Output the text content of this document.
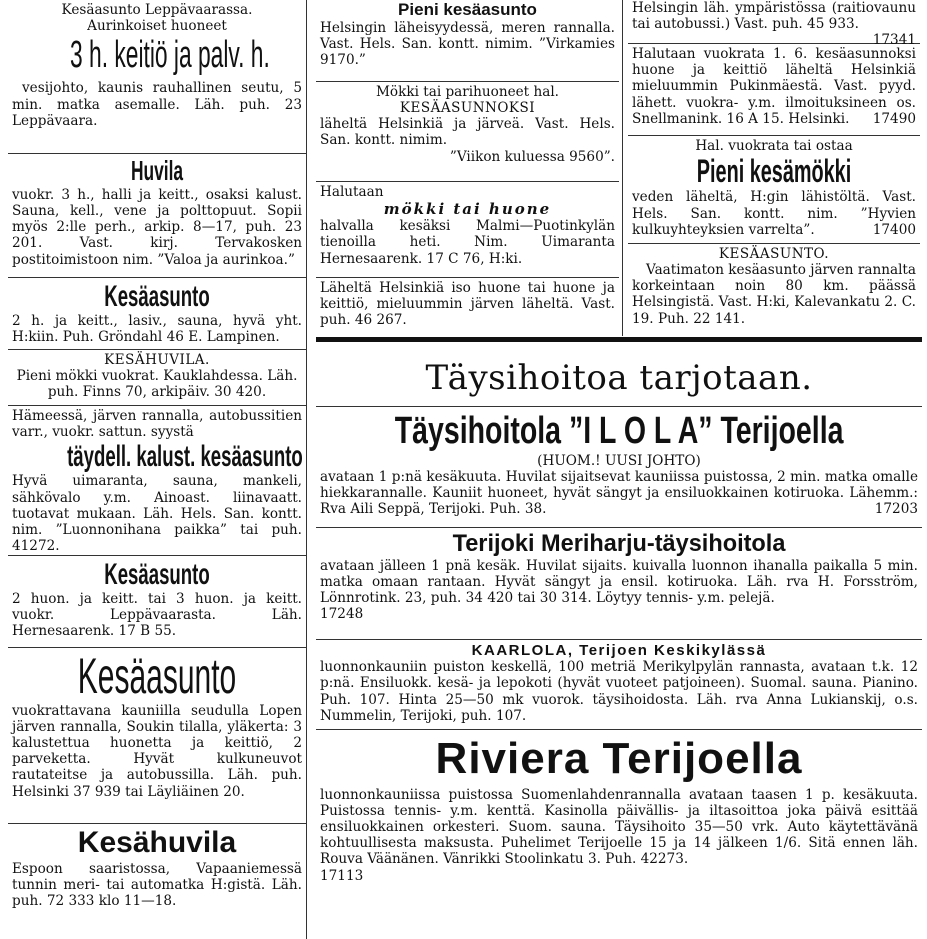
Kesäasunto Leppävaarassa.
Aurinkoiset huoneet
3 h. keitiö ja palv. h.
vesijohto, kaunis rauhallinen seutu, 5 min. matka asemalle. Läh. puh. 23 Leppävaara.
Huvila
vuokr. 3 h., halli ja keitt., osaksi kalust. Sauna, kell., vene ja polttopuut. Sopii myös 2:lle perh., arkip. 8—17, puh. 23 201. Vast. kirj. Tervakosken postitoimistoon nim. ”Valoa ja aurinkoa.”
Kesäasunto
2 h. ja keitt., lasiv., sauna, hyvä yht. H:kiin. Puh. Gröndahl 46 E. Lampinen.
KESÄHUVILA.
Pieni mökki vuokrat. Kauklahdessa. Läh. puh. Finns 70, arkipäiv. 30 420.
Hämeessä, järven rannalla, autobussitien varr., vuokr. sattun. syystä
täydell. kalust. kesäasunto
Hyvä uimaranta, sauna, mankeli, sähkövalo y.m. Ainoast. liinavaatt. tuotavat mukaan. Läh. Hels. San. kontt. nim. ”Luonnonihana paikka” tai puh. 41272.
Kesäasunto
2 huon. ja keitt. tai 3 huon. ja keitt. vuokr. Leppävaarasta. Läh. Hernesaarenk. 17 B 55.
Kesäasunto
vuokrattavana kauniilla seudulla Lopen järven rannalla, Soukin tilalla, yläkerta: 3 kalustettua huonetta ja keittiö, 2 parveketta. Hyvät kulkuneuvot rautateitse ja autobussilla. Läh. puh. Helsinki 37 939 tai Läyliäinen 20.
Kesähuvila
Espoon saaristossa, Vapaaniemessä tunnin meri- tai automatka H:gistä. Läh. puh. 72 333 klo 11—18.
Pieni kesäasunto
Helsingin läheisyydessä, meren rannalla. Vast. Hels. San. kontt. nimim. ”Virkamies 9170.”
Mökki tai parihuoneet hal.
KESÄASUNNOKSI
läheltä Helsinkiä ja järveä. Vast. Hels. San. kontt. nimim.
”Viikon kuluessa 9560”.
Halutaan
mökki tai huone
halvalla kesäksi Malmi—Puotinkylän tienoilla heti. Nim. Uimaranta Hernesaarenk. 17 C 76, H:ki.
Läheltä Helsinkiä iso huone tai huone ja keittiö, mieluummin järven läheltä. Vast. puh. 46 267.
Helsingin läh. ympäristössa (raitiovaunu tai autobussi.) Vast. puh. 45 933.
17341
Halutaan vuokrata 1. 6. kesäasunnoksi huone ja keittiö läheltä Helsinkiä mieluummin Pukinmäestä. Vast. pyyd. lähett. vuokra- y.m. ilmoituksineen os. Snellmanink. 16 A 15. Helsinki. 17490
Hal. vuokrata tai ostaa
Pieni kesämökki
veden läheltä, H:gin lähistöltä. Vast. Hels. San. kontt. nim. ”Hyvien kulkuyhteyksien varrelta”.	17400
KESÄASUNTO.
Vaatimaton kesäasunto järven rannalta korkeintaan noin 80 km. päässä Helsingistä. Vast. H:ki, Kalevankatu 2. C. 19. Puh. 22 141.
Täysihoitoa tarjotaan.
Täysihoitola ”I L O L A” Terijoella
(HUOM.! UUSI JOHTO)
avataan 1 p:nä kesäkuuta. Huvilat sijaitsevat kauniissa puistossa, 2 min. matka omalle hiekkarannalle. Kauniit huoneet, hyvät sängyt ja ensiluokkainen kotiruoka. Lähemm.: Rva Aili Seppä, Terijoki. Puh. 38.	17203
Terijoki Meriharju-täysihoitola
avataan jälleen 1 pnä kesäk. Huvilat sijaits. kuivalla luonnon ihanalla paikalla 5 min. matka omaan rantaan. Hyvät sängyt ja ensil. kotiruoka. Läh. rva H. Forsström, Lönnrotink. 23, puh. 34 420 tai 30 314. Löytyy tennis- y.m. pelejä.
17248
KAARLOLA, Terijoen Keskikylässä
luonnonkauniin puiston keskellä, 100 metriä Merikylpylän rannasta, avataan t.k. 12 p:nä. Ensiluokk. kesä- ja lepokoti (hyvät vuoteet patjoineen). Suomal. sauna. Pianino. Puh. 107. Hinta 25—50 mk vuorok. täysihoidosta. Läh. rva Anna Lukianskij, o.s. Nummelin, Terijoki, puh. 107.
Riviera Terijoella
luonnonkauniissa puistossa Suomenlahdenrannalla avataan taasen 1 p. kesäkuuta. Puistossa tennis- y.m. kenttä. Kasinolla päivällis- ja iltasoittoa joka päivä esittää ensiluokkainen orkesteri. Suom. sauna. Täysihoito 35—50 vrk. Auto käytettävänä kohtuullisesta maksusta. Puhelimet Terijoelle 15 ja 14 jälkeen 1/6. Sitä ennen läh. Rouva Väänänen. Vänrikki Stoolinkatu 3. Puh. 42273.
17113
